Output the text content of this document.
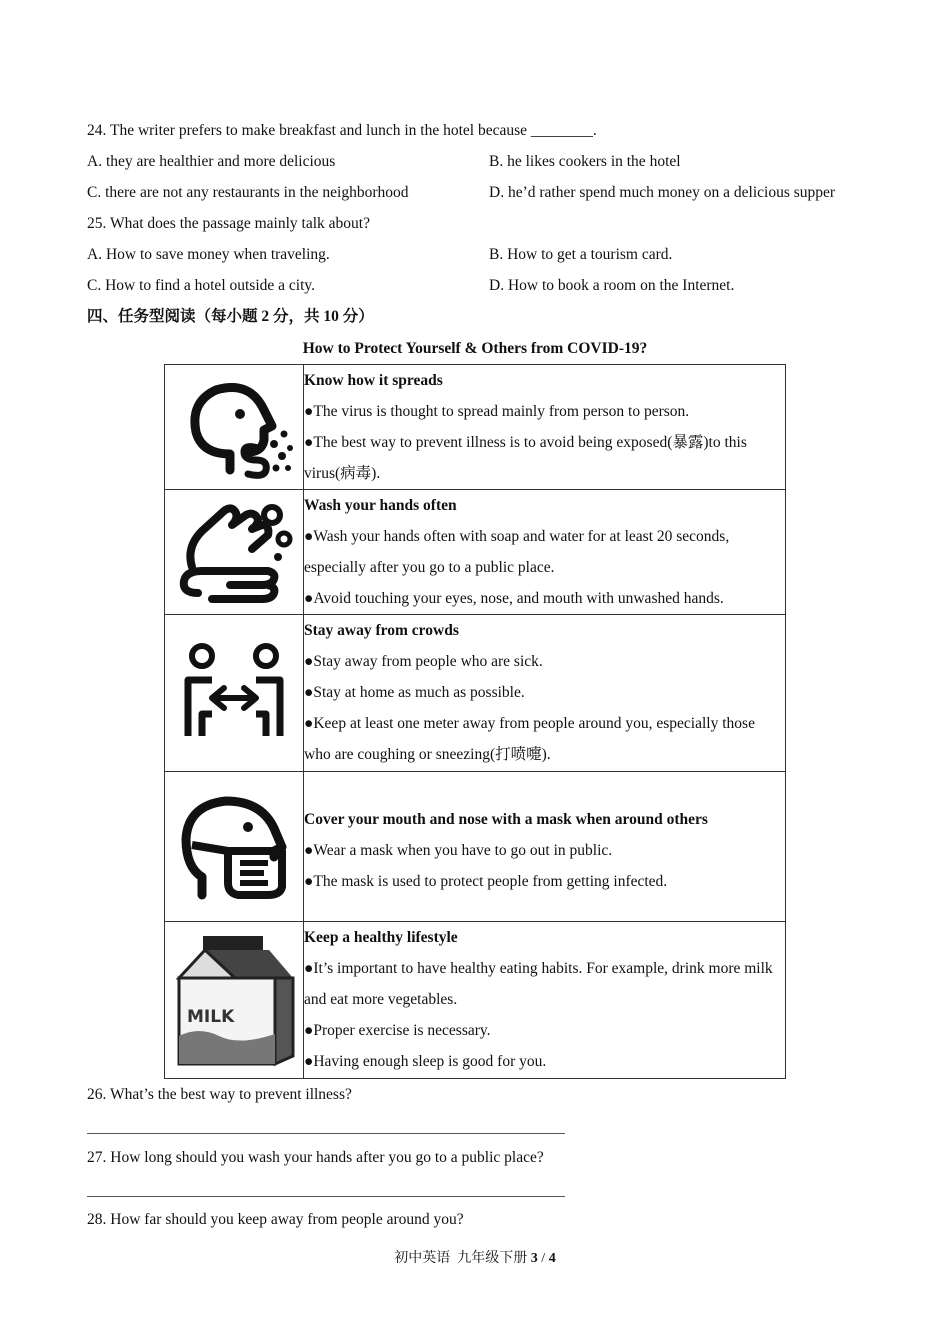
24. The writer prefers to make breakfast and lunch in the hotel because ________.
A. they are healthier and more delicious	B. he likes cookers in the hotel
C. there are not any restaurants in the neighborhood	D. he’d rather spend much money on a delicious supper
25. What does the passage mainly talk about?
A. How to save money when traveling.	B. How to get a tourism card.
C. How to find a hotel outside a city.	D. How to book a room on the Internet.
四、任务型阅读（每小题 2 分，共 10 分）
How to Protect Yourself & Others from COVID-19?

Know how it spreads

●The virus is thought to spread mainly from person to person.

●The best way to prevent illness is to avoid being exposed(暴露)to this virus(病毒).

Wash your hands often

●Wash your hands often with soap and water for at least 20 seconds, especially after you go to a public place.

●Avoid touching your eyes, nose, and mouth with unwashed hands.

Stay away from crowds

●Stay away from people who are sick.

●Stay at home as much as possible.

●Keep at least one meter away from people around you, especially those who are coughing or sneezing(打喷嚏).

Cover your mouth and nose with a mask when around others

●Wear a mask when you have to go out in public.

●The mask is used to protect people from getting infected.

MILK	Keep a healthy lifestyle

●It’s important to have healthy eating habits. For example, drink more milk and eat more vegetables.

●Proper exercise is necessary.

●Having enough sleep is good for you.

26. What’s the best way to prevent illness?
27. How long should you wash your hands after you go to a public place?
28. How far should you keep away from people around you?
初中英语 九年级下册 3 / 4
